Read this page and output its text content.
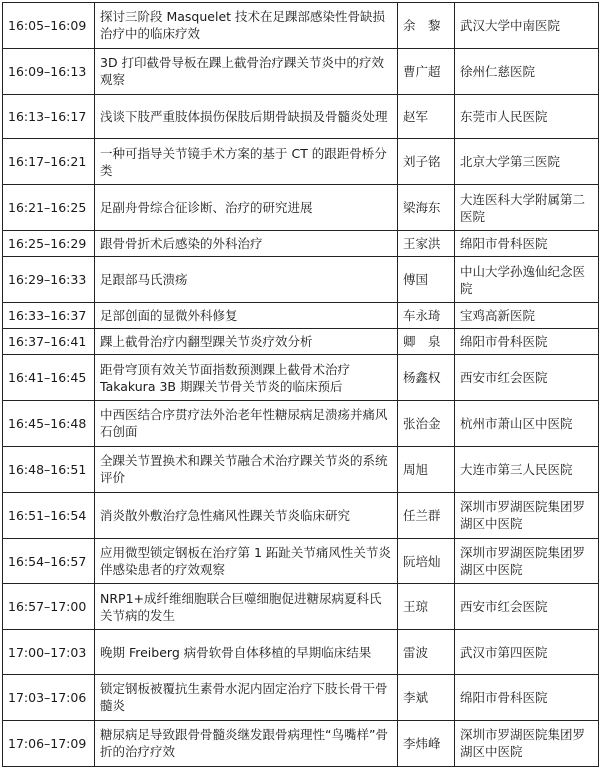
16:05–16:09	探讨三阶段 Masquelet 技术在足踝部感染性骨缺损治疗中的临床疗效	余　黎	武汉大学中南医院
16:09–16:13	3D 打印截骨导板在踝上截骨治疗踝关节炎中的疗效观察	曹广超	徐州仁慈医院
16:13–16:17	浅谈下肢严重肢体损伤保肢后期骨缺损及骨髓炎处理	赵军	东莞市人民医院
16:17–16:21	一种可指导关节镜手术方案的基于 CT 的跟距骨桥分类	刘子铭	北京大学第三医院
16:21–16:25	足副舟骨综合征诊断、治疗的研究进展	梁海东	大连医科大学附属第二医院
16:25–16:29	跟骨骨折术后感染的外科治疗	王家洪	绵阳市骨科医院
16:29–16:33	足跟部马氏溃疡	傅国	中山大学孙逸仙纪念医院
16:33–16:37	足部创面的显微外科修复	车永琦	宝鸡高新医院
16:37–16:41	踝上截骨治疗内翻型踝关节炎疗效分析	卿　泉	绵阳市骨科医院
16:41–16:45	距骨穹顶有效关节面指数预测踝上截骨术治疗 Takakura 3B 期踝关节骨关节炎的临床预后	杨鑫权	西安市红会医院
16:45–16:48	中西医结合序贯疗法外治老年性糖尿病足溃疡并痛风石创面	张治金	杭州市萧山区中医院
16:48–16:51	全踝关节置换术和踝关节融合术治疗踝关节炎的系统评价	周旭	大连市第三人民医院
16:51–16:54	消炎散外敷治疗急性痛风性踝关节炎临床研究	任兰群	深圳市罗湖医院集团罗湖区中医院
16:54–16:57	应用微型锁定钢板在治疗第 1 跖趾关节痛风性关节炎伴感染患者的疗效观察	阮培灿	深圳市罗湖医院集团罗湖区中医院
16:57–17:00	NRP1+成纤维细胞联合巨噬细胞促进糖尿病夏科氏关节病的发生	王琼	西安市红会医院
17:00–17:03	晚期 Freiberg 病骨软骨自体移植的早期临床结果	雷波	武汉市第四医院
17:03–17:06	锁定钢板被覆抗生素骨水泥内固定治疗下肢长骨干骨髓炎	李斌	绵阳市骨科医院
17:06–17:09	糖尿病足导致跟骨骨髓炎继发跟骨病理性“鸟嘴样”骨折的治疗疗效	李炜峰	深圳市罗湖医院集团罗湖区中医院
